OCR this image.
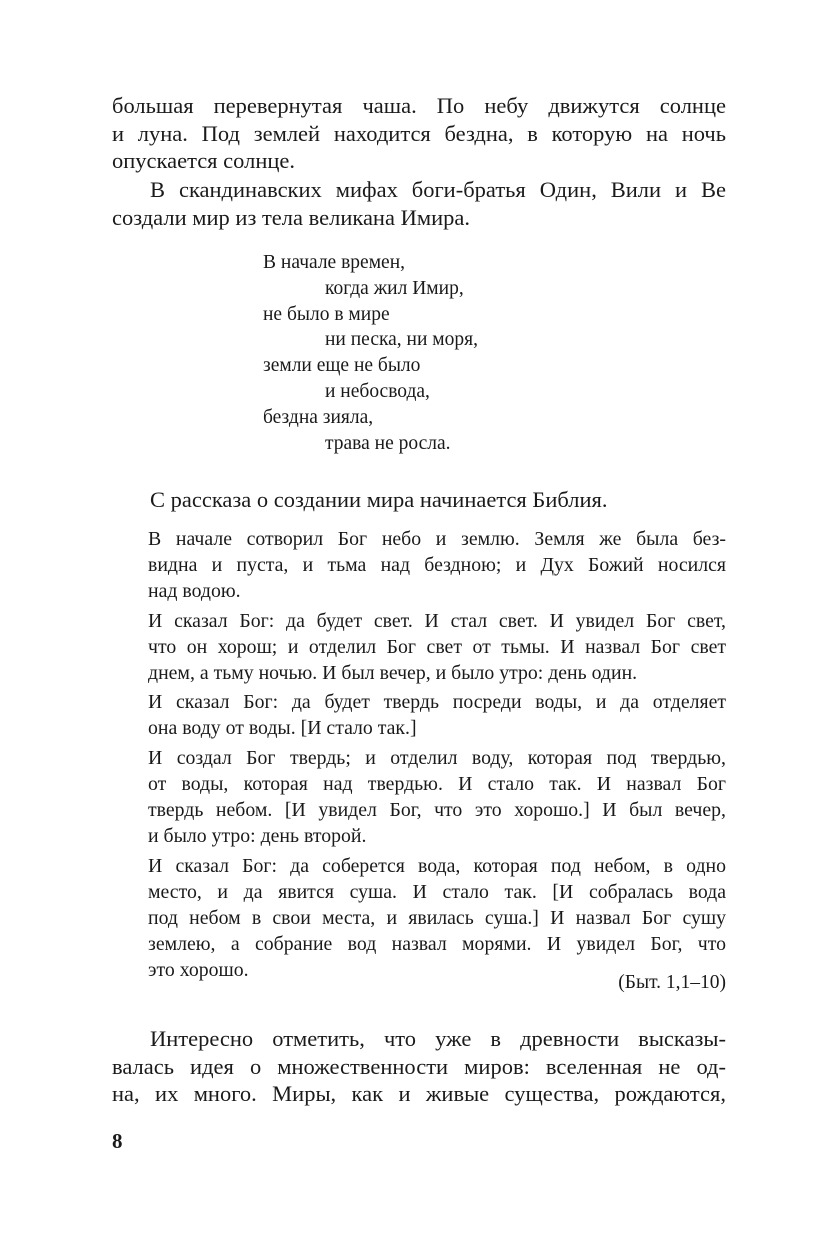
большая перевернутая чаша. По небу движутся солнце
и луна. Под землей находится бездна, в которую на ночь
опускается солнце.
В скандинавских мифах боги-братья Один, Вили и Ве
создали мир из тела великана Имира.
В начале времен,
когда жил Имир,
не было в мире
ни песка, ни моря,
земли еще не было
и небосвода,
бездна зияла,
трава не росла.
С рассказа о создании мира начинается Библия.

В начале сотворил Бог небо и землю. Земля же была без-
видна и пуста, и тьма над бездною; и Дух Божий носился
над водою.

И сказал Бог: да будет свет. И стал свет. И увидел Бог свет,
что он хорош; и отделил Бог свет от тьмы. И назвал Бог свет
днем, а тьму ночью. И был вечер, и было утро: день один.

И сказал Бог: да будет твердь посреди воды, и да отделяет
она воду от воды. [И стало так.]

И создал Бог твердь; и отделил воду, которая под твердью,
от воды, которая над твердью. И стало так. И назвал Бог
твердь небом. [И увидел Бог, что это хорошо.] И был вечер,
и было утро: день второй.

И сказал Бог: да соберется вода, которая под небом, в одно
место, и да явится суша. И стало так. [И собралась вода
под небом в свои места, и явилась суша.] И назвал Бог сушу
землею, а собрание вод назвал морями. И увидел Бог, что
это хорошо.

(Быт. 1,1–10)
Интересно отметить, что уже в древности высказы-
валась идея о множественности миров: вселенная не од-
на, их много. Миры, как и живые существа, рождаются,
8
